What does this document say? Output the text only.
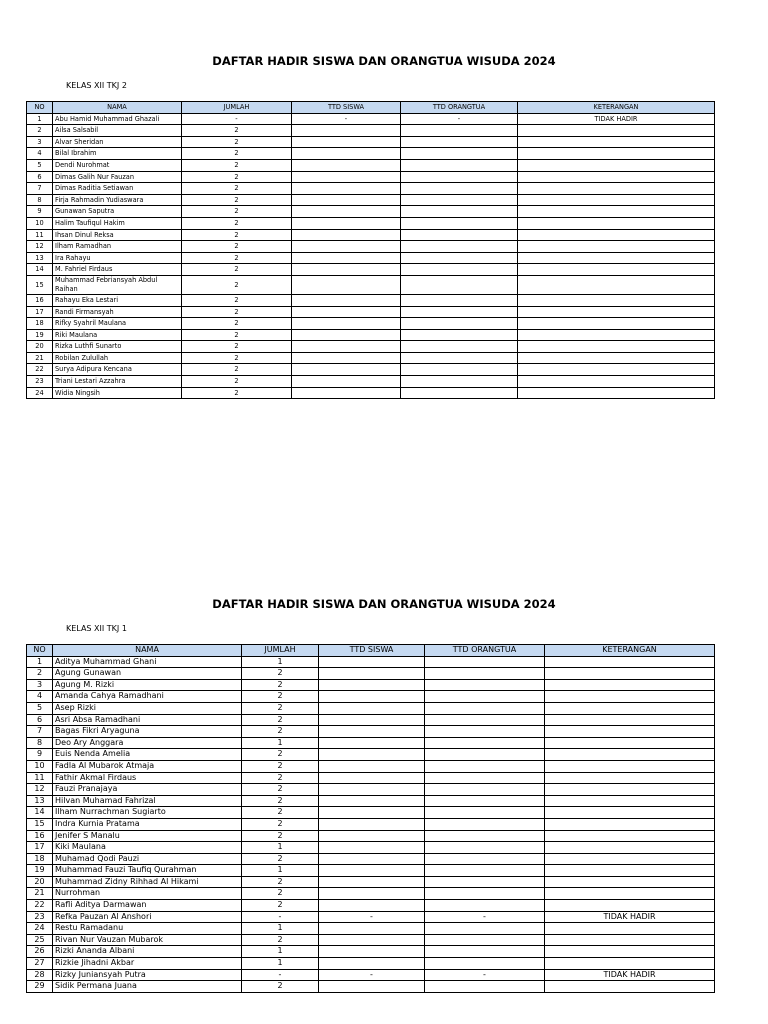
DAFTAR HADIR SISWA DAN ORANGTUA WISUDA 2024
KELAS XII TKJ 2
NO	NAMA	JUMLAH	TTD SISWA	TTD ORANGTUA	KETERANGAN
1	Abu Hamid Muhammad Ghazali	-	-	-	TIDAK HADIR
2	Ailsa Salsabil	2			
3	Alvar Sheridan	2			
4	Bilal Ibrahim	2			
5	Dendi Nurohmat	2			
6	Dimas Galih Nur Fauzan	2			
7	Dimas Raditia Setiawan	2			
8	Firja Rahmadin Yudiaswara	2			
9	Gunawan Saputra	2			
10	Halim Taufiqul Hakim	2			
11	Ihsan Dinul Reksa	2			
12	Ilham Ramadhan	2			
13	Ira Rahayu	2			
14	M. Fahriel Firdaus	2			
15	Muhammad Febriansyah Abdul Raihan	2			
16	Rahayu Eka Lestari	2			
17	Randi Firmansyah	2			
18	Rifky Syahril Maulana	2			
19	Riki Maulana	2			
20	Rizka Luthfi Sunarto	2			
21	Robilan Zulullah	2			
22	Surya Adipura Kencana	2			
23	Triani Lestari Azzahra	2			
24	Widia Ningsih	2			
DAFTAR HADIR SISWA DAN ORANGTUA WISUDA 2024
KELAS XII TKJ 1
NO	NAMA	JUMLAH	TTD SISWA	TTD ORANGTUA	KETERANGAN
1	Aditya Muhammad Ghani	1			
2	Agung Gunawan	2			
3	Agung M. Rizki	2			
4	Amanda Cahya Ramadhani	2			
5	Asep Rizki	2			
6	Asri Absa Ramadhani	2			
7	Bagas Fikri Aryaguna	2			
8	Deo Ary Anggara	1			
9	Euis Nenda Amelia	2			
10	Fadla Al Mubarok Atmaja	2			
11	Fathir Akmal Firdaus	2			
12	Fauzi Pranajaya	2			
13	Hilvan Muhamad Fahrizal	2			
14	Ilham Nurrachman Sugiarto	2			
15	Indra Kurnia Pratama	2			
16	Jenifer S Manalu	2			
17	Kiki Maulana	1			
18	Muhamad Qodi Pauzi	2			
19	Muhammad Fauzi Taufiq Qurahman	1			
20	Muhammad Zidny Rihhad Al Hikami	2			
21	Nurrohman	2			
22	Rafli Aditya Darmawan	2			
23	Refka Pauzan Al Anshori	-	-	-	TIDAK HADIR
24	Restu Ramadanu	1			
25	Rivan Nur Vauzan Mubarok	2			
26	Rizki Ananda Albani	1			
27	Rizkie Jihadni Akbar	1			
28	Rizky Juniansyah Putra	-	-	-	TIDAK HADIR
29	Sidik Permana Juana	2			
